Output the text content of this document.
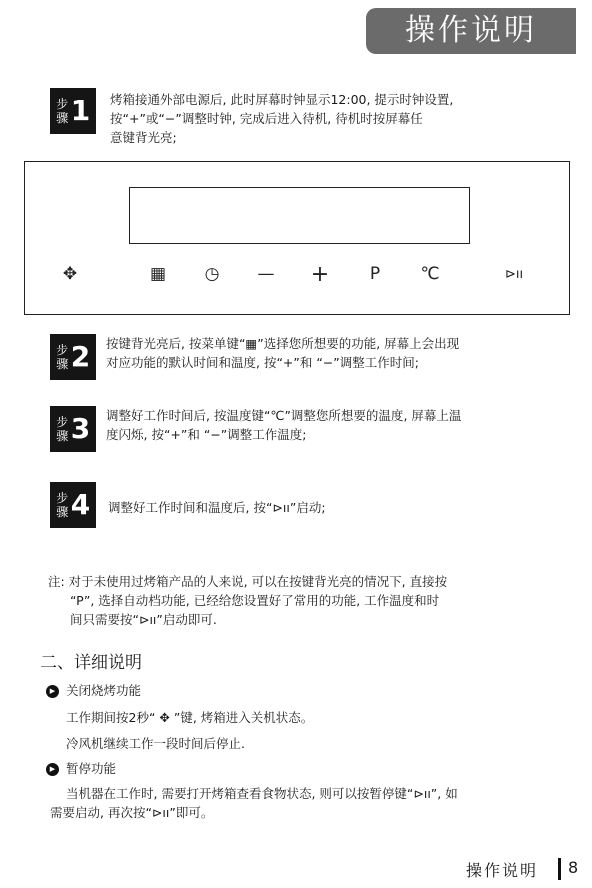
操作说明
步骤 1 烤箱接通外部电源后, 此时屏幕时钟显示12:00, 提示时钟设置,
按“+”或“−”调整时钟, 完成后进入待机, 待机时按屏幕任
意键背光亮;
✥	▦ ◷ — +	P	℃	⊳ıı
步骤 2 按键背光亮后, 按菜单键“▦”选择您所想要的功能, 屏幕上会出现
对应功能的默认时间和温度, 按“+”和 “−”调整工作时间;
步骤 3 调整好工作时间后, 按温度键“℃”调整您所想要的温度, 屏幕上温
度闪烁, 按“+”和 “−”调整工作温度;
步骤 4 调整好工作时间和温度后, 按“⊳ıı”启动;
注: 对于未使用过烤箱产品的人来说, 可以在按键背光亮的情况下, 直接按
“P”, 选择自动档功能, 已经给您设置好了常用的功能, 工作温度和时
间只需要按“⊳ıı”启动即可.
二、详细说明
▶ 关闭烧烤功能
工作期间按2秒“ ✥ ”键, 烤箱进入关机状态。
冷风机继续工作一段时间后停止.
▶ 暂停功能
当机器在工作时, 需要打开烤箱查看食物状态, 则可以按暂停键“⊳ıı”, 如
需要启动, 再次按“⊳ıı”即可。
操作说明 8
